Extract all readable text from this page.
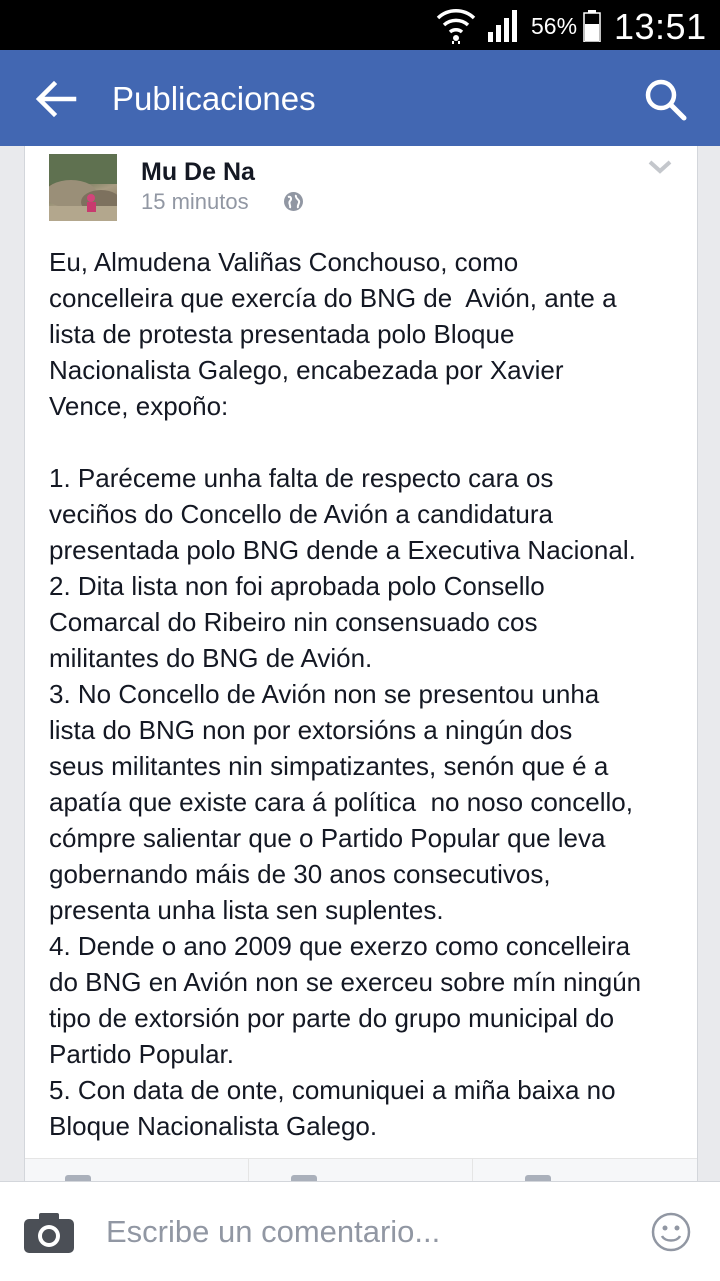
56% 13:51
Publicaciones
Mu De Na
15 minutos

Eu, Almudena Valiñas Conchouso, como
concelleira que exercía do BNG de  Avión, ante a
lista de protesta presentada polo Bloque
Nacionalista Galego, encabezada por Xavier
Vence, expoño:

1. Paréceme unha falta de respecto cara os
veciños do Concello de Avión a candidatura
presentada polo BNG dende a Executiva Nacional.
2. Dita lista non foi aprobada polo Consello
Comarcal do Ribeiro nin consensuado cos
militantes do BNG de Avión.
3. No Concello de Avión non se presentou unha
lista do BNG non por extorsións a ningún dos
seus militantes nin simpatizantes, senón que é a
apatía que existe cara á política  no noso concello,
cómpre salientar que o Partido Popular que leva
gobernando máis de 30 anos consecutivos,
presenta unha lista sen suplentes.
4. Dende o ano 2009 que exerzo como concelleira
do BNG en Avión non se exerceu sobre mín ningún
tipo de extorsión por parte do grupo municipal do
Partido Popular.
5. Con data de onte, comuniquei a miña baixa no
Bloque Nacionalista Galego.

Escribe un comentario...
